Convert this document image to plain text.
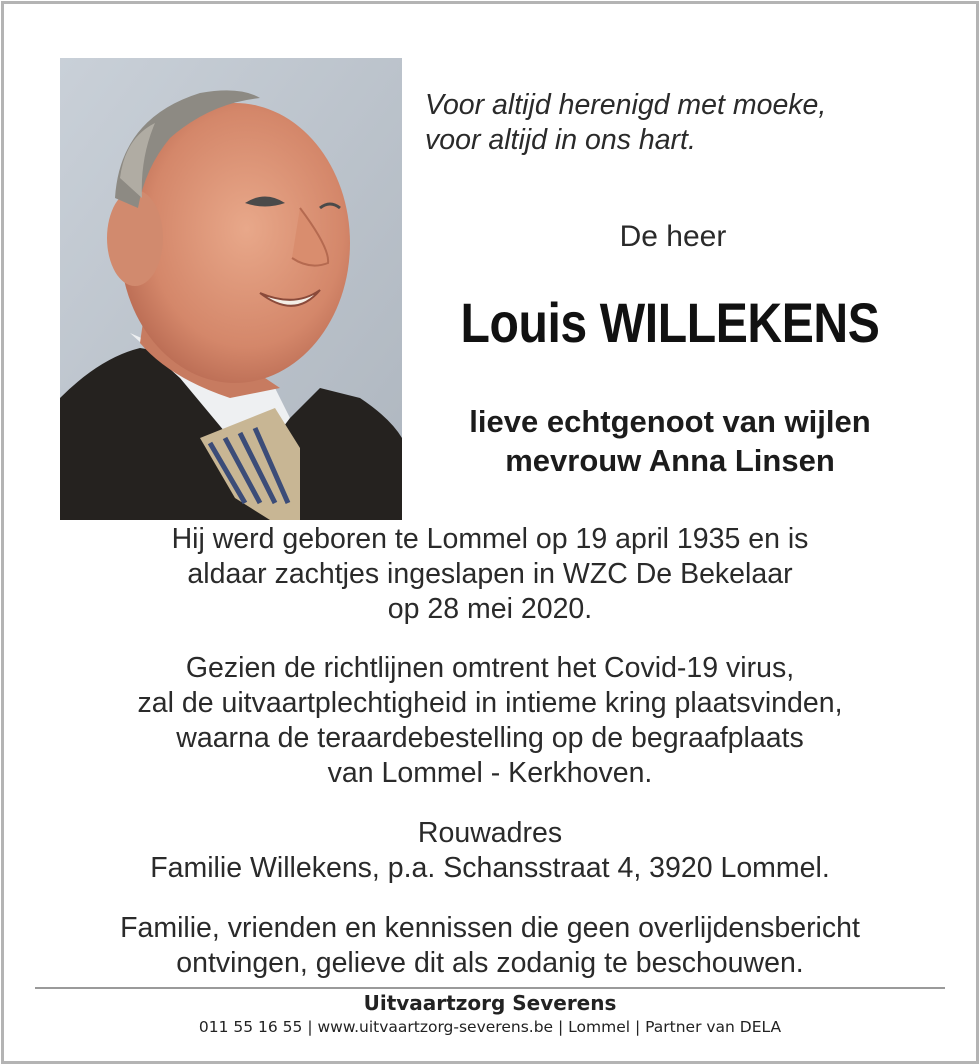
Voor altijd herenigd met moeke,
voor altijd in ons hart.
De heer
Louis WILLEKENS
lieve echtgenoot van wijlen
mevrouw Anna Linsen
Hij werd geboren te Lommel op 19 april 1935 en is
aldaar zachtjes ingeslapen in WZC De Bekelaar
op 28 mei 2020.
Gezien de richtlijnen omtrent het Covid-19 virus,
zal de uitvaartplechtigheid in intieme kring plaatsvinden,
waarna de teraardebestelling op de begraafplaats
van Lommel - Kerkhoven.
Rouwadres
Familie Willekens, p.a. Schansstraat 4, 3920 Lommel.
Familie, vrienden en kennissen die geen overlijdensbericht
ontvingen, gelieve dit als zodanig te beschouwen.
Uitvaartzorg Severens
011 55 16 55 | www.uitvaartzorg-severens.be | Lommel | Partner van DELA
